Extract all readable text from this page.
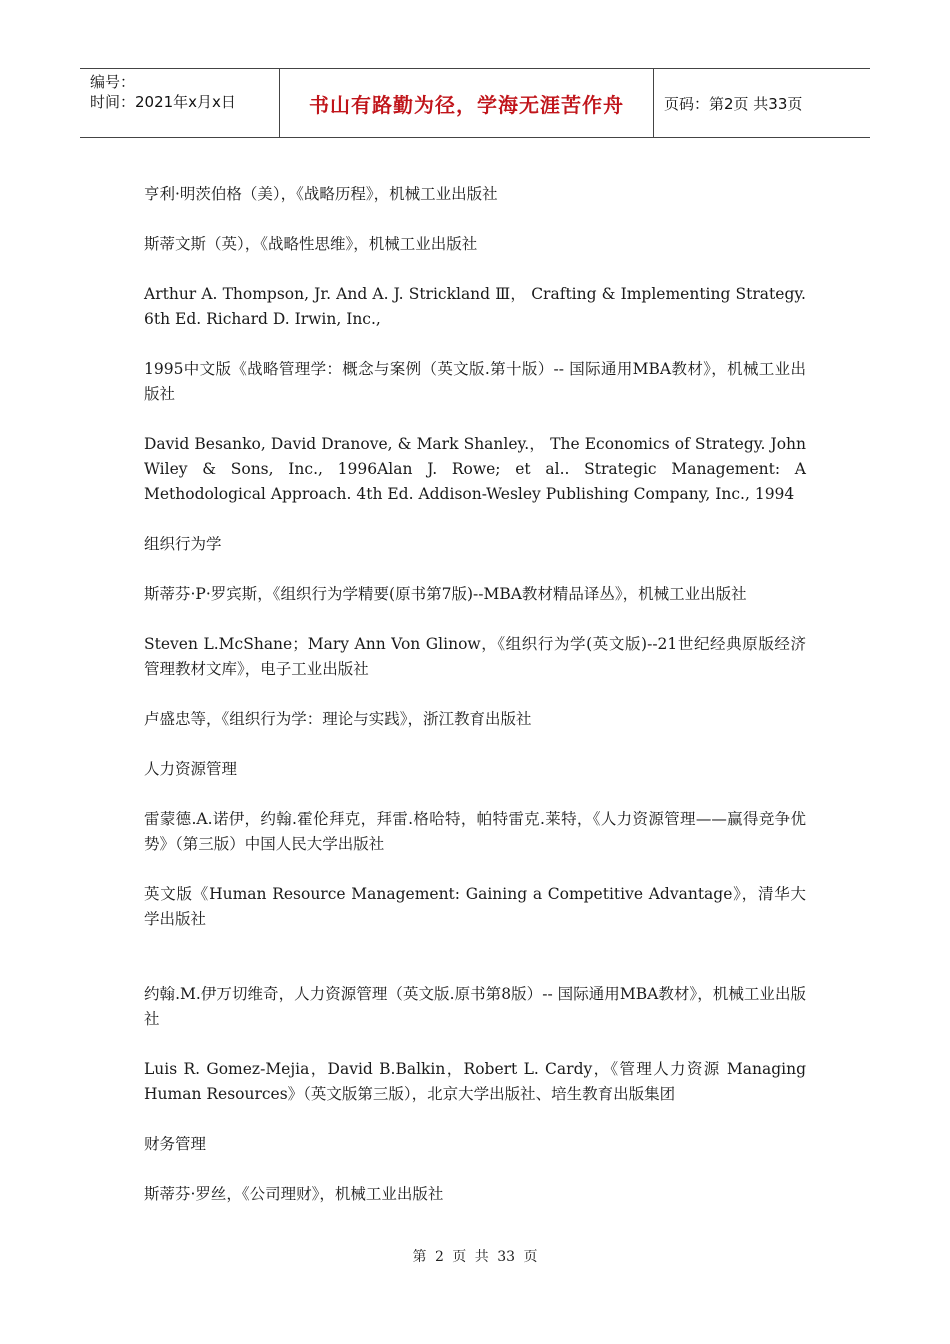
编号：
时间：2021年x月x日	书山有路勤为径，学海无涯苦作舟	页码：第2页 共33页

亨利·明茨伯格（美），《战略历程》，机械工业出版社

斯蒂文斯（英），《战略性思维》，机械工业出版社

Arthur A. Thompson, Jr. And A. J. Strickland Ⅲ， Crafting & Implementing Strategy. 6th Ed. Richard D. Irwin, Inc.,

1995中文版《战略管理学：概念与案例（英文版.第十版）-- 国际通用MBA教材》，机械工业出版社

David Besanko, David Dranove, & Mark Shanley.， The Economics of Strategy. John Wiley & Sons, Inc., 1996Alan J. Rowe; et al.. Strategic Management: A Methodological Approach. 4th Ed. Addison-Wesley Publishing Company, Inc., 1994

组织行为学

斯蒂芬·P·罗宾斯，《组织行为学精要(原书第7版)--MBA教材精品译丛》，机械工业出版社

Steven L.McShane；Mary Ann Von Glinow，《组织行为学(英文版)--21世纪经典原版经济管理教材文库》，电子工业出版社

卢盛忠等，《组织行为学：理论与实践》，浙江教育出版社

人力资源管理

雷蒙德.A.诺伊，约翰.霍伦拜克，拜雷.格哈特，帕特雷克.莱特，《人力资源管理——赢得竞争优势》（第三版）中国人民大学出版社

英文版《Human Resource Management: Gaining a Competitive Advantage》，清华大学出版社

约翰.M.伊万切维奇，人力资源管理（英文版.原书第8版）-- 国际通用MBA教材》，机械工业出版社

Luis R. Gomez-Mejia，David B.Balkin，Robert L. Cardy，《管理人力资源 Managing Human Resources》（英文版第三版），北京大学出版社、培生教育出版集团

财务管理

斯蒂芬·罗丝，《公司理财》，机械工业出版社

第 2 页 共 33 页
